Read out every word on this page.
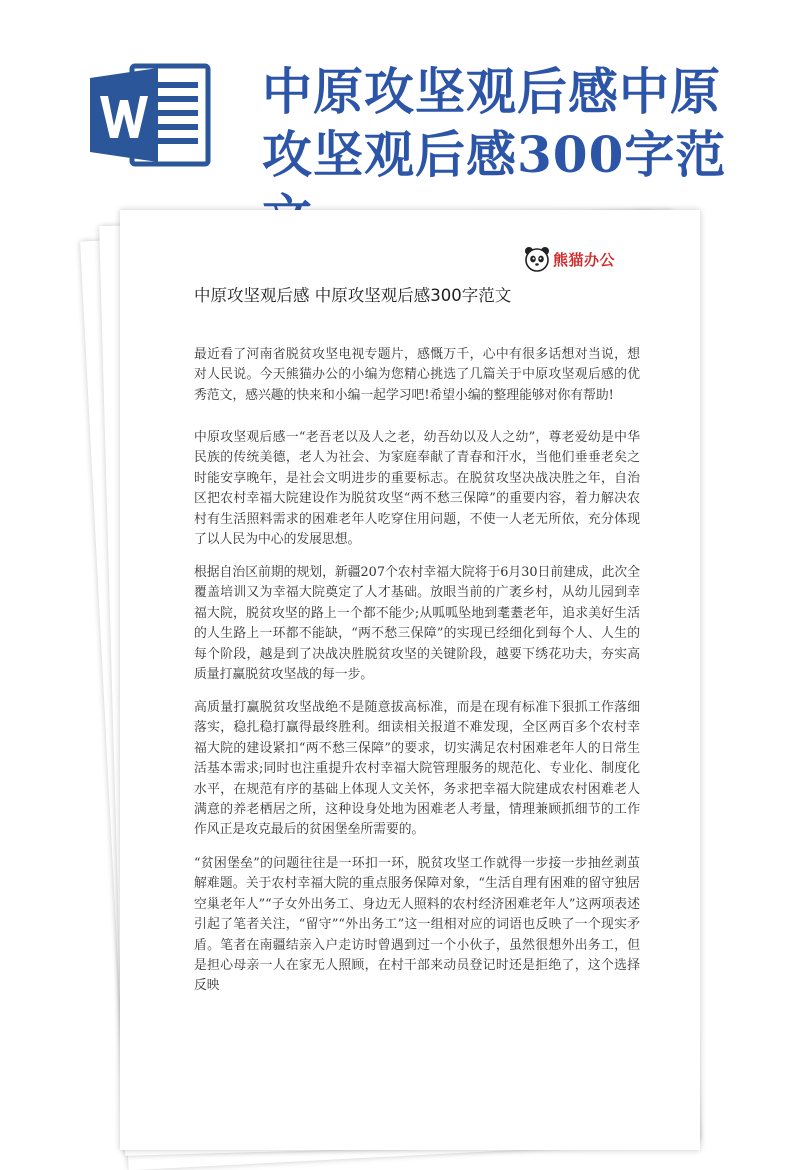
中原攻坚观后感中原攻坚观后感300字范
熊猫办公
中原攻坚观后感 中原攻坚观后感300字范文

最近看了河南省脱贫攻坚电视专题片，感慨万千，心中有很多话想对当说，想对人民说。今天熊猫办公的小编为您精心挑选了几篇关于中原攻坚观后感的优秀范文，感兴趣的快来和小编一起学习吧!希望小编的整理能够对你有帮助!

中原攻坚观后感一“老吾老以及人之老，幼吾幼以及人之幼”，尊老爱幼是中华民族的传统美德，老人为社会、为家庭奉献了青春和汗水，当他们垂垂老矣之时能安享晚年，是社会文明进步的重要标志。在脱贫攻坚决战决胜之年，自治区把农村幸福大院建设作为脱贫攻坚“两不愁三保障”的重要内容，着力解决农村有生活照料需求的困难老年人吃穿住用问题，不使一人老无所依，充分体现了以人民为中心的发展思想。

根据自治区前期的规划，新疆207个农村幸福大院将于6月30日前建成，此次全覆盖培训又为幸福大院奠定了人才基础。放眼当前的广袤乡村，从幼儿园到幸福大院，脱贫攻坚的路上一个都不能少;从呱呱坠地到耄耋老年，追求美好生活的人生路上一环都不能缺，“两不愁三保障”的实现已经细化到每个人、人生的每个阶段，越是到了决战决胜脱贫攻坚的关键阶段，越要下绣花功夫，夯实高质量打赢脱贫攻坚战的每一步。

高质量打赢脱贫攻坚战绝不是随意拔高标准，而是在现有标准下狠抓工作落细落实，稳扎稳打赢得最终胜利。细读相关报道不难发现，全区两百多个农村幸福大院的建设紧扣“两不愁三保障”的要求，切实满足农村困难老年人的日常生活基本需求;同时也注重提升农村幸福大院管理服务的规范化、专业化、制度化水平，在规范有序的基础上体现人文关怀，务求把幸福大院建成农村困难老人满意的养老栖居之所，这种设身处地为困难老人考量，情理兼顾抓细节的工作作风正是攻克最后的贫困堡垒所需要的。

“贫困堡垒”的问题往往是一环扣一环，脱贫攻坚工作就得一步接一步抽丝剥茧解难题。关于农村幸福大院的重点服务保障对象，“生活自理有困难的留守独居空巢老年人”“子女外出务工、身边无人照料的农村经济困难老年人”这两项表述引起了笔者关注，“留守”“外出务工”这一组相对应的词语也反映了一个现实矛盾。笔者在南疆结亲入户走访时曾遇到过一个小伙子，虽然很想外出务工，但是担心母亲一人在家无人照顾，在村干部来动员登记时还是拒绝了，这个选择反映
